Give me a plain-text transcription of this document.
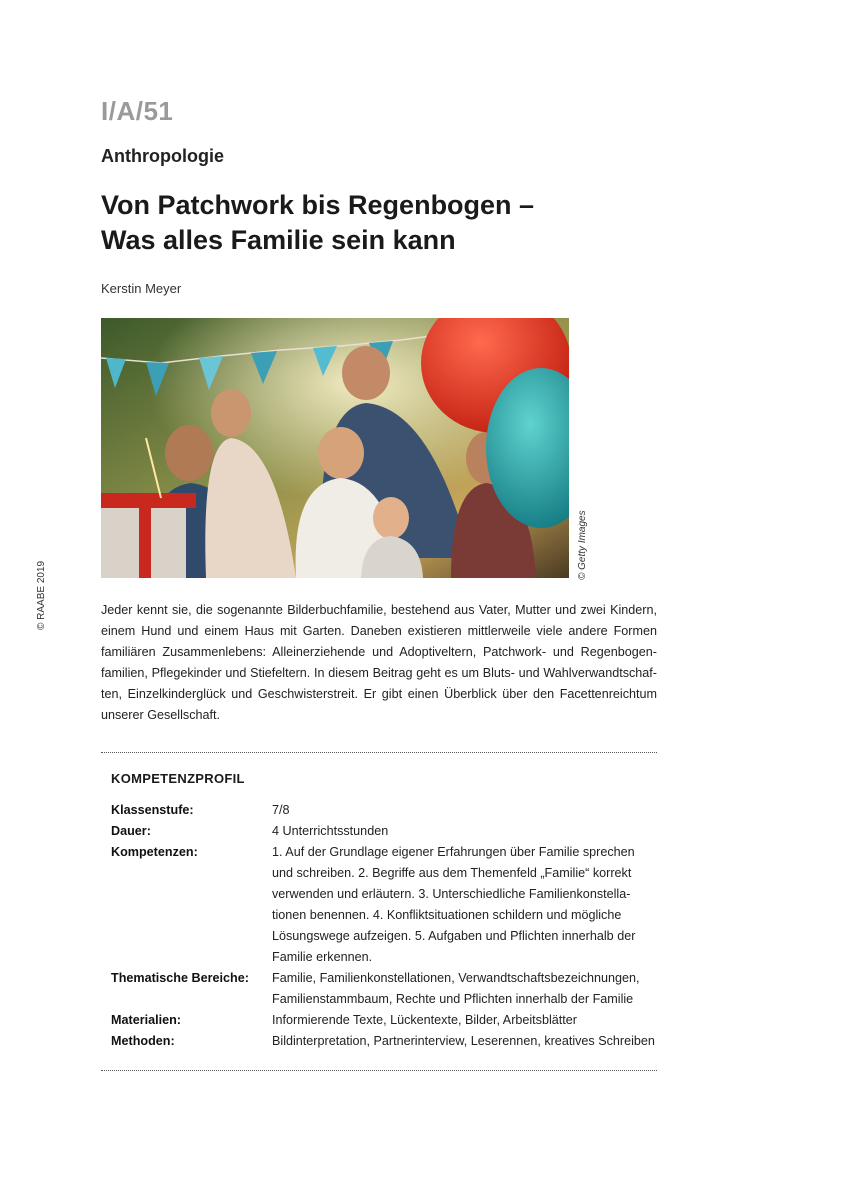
I/A/51
Anthropologie
Von Patchwork bis Regenbogen –
Was alles Familie sein kann
Kerstin Meyer
© RAABE 2019
© Getty Images
Jeder kennt sie, die sogenannte Bilderbuchfamilie, bestehend aus Vater, Mutter und zwei Kindern, einem Hund und einem Haus mit Garten. Daneben existieren mittlerweile viele andere Formen familiären Zusammenlebens: Alleinerziehende und Adoptiveltern, Patchwork- und Regenbogen-familien, Pflegekinder und Stiefeltern. In diesem Beitrag geht es um Bluts- und Wahlverwandtschaf-ten, Einzelkinderglück und Geschwisterstreit. Er gibt einen Überblick über den Facettenreichtum unserer Gesellschaft.
KOMPETENZPROFIL
Klassenstufe:	7/8
Dauer:	4 Unterrichtsstunden
Kompetenzen:	1. Auf der Grundlage eigener Erfahrungen über Familie sprechen und schreiben. 2. Begriffe aus dem Themenfeld „Familie“ korrekt verwenden und erläutern. 3. Unterschiedliche Familienkonstella-tionen benennen. 4. Konfliktsituationen schildern und mögliche Lösungswege aufzeigen. 5. Aufgaben und Pflichten innerhalb der Familie erkennen.
Thematische Bereiche:	Familie, Familienkonstellationen, Verwandtschaftsbezeichnungen, Familienstammbaum, Rechte und Pflichten innerhalb der Familie
Materialien:	Informierende Texte, Lückentexte, Bilder, Arbeitsblätter
Methoden:	Bildinterpretation, Partnerinterview, Leserennen, kreatives Schreiben
